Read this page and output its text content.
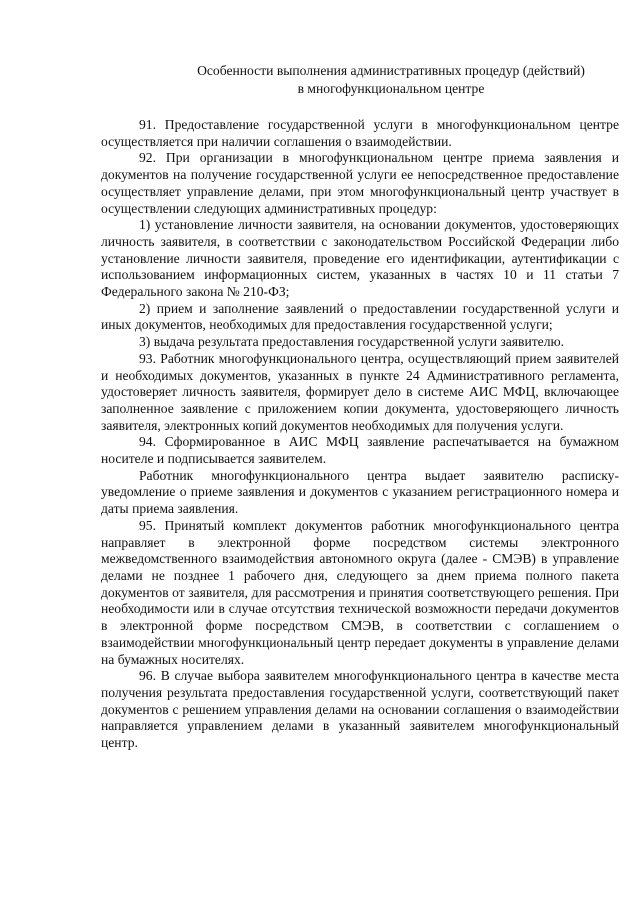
Особенности выполнения административных процедур (действий)
в многофункциональном центре

91. Предоставление государственной услуги в многофункциональном центре осуществляется при наличии соглашения о взаимодействии.

92. При организации в многофункциональном центре приема заявления и документов на получение государственной услуги ее непосредственное предоставление осуществляет управление делами, при этом многофункциональный центр участвует в осуществлении следующих административных процедур:

1) установление личности заявителя, на основании документов, удостоверяющих личность заявителя, в соответствии с законодательством Российской Федерации либо установление личности заявителя, проведение его идентификации, аутентификации с использованием информационных систем, указанных в частях 10 и 11 статьи 7 Федерального закона № 210-ФЗ;

2) прием и заполнение заявлений о предоставлении государственной услуги и иных документов, необходимых для предоставления государственной услуги;

3) выдача результата предоставления государственной услуги заявителю.

93. Работник многофункционального центра, осуществляющий прием заявителей и необходимых документов, указанных в пункте 24 Административного регламента, удостоверяет личность заявителя, формирует дело в системе АИС МФЦ, включающее заполненное заявление с приложением копии документа, удостоверяющего личность заявителя, электронных копий документов необходимых для получения услуги.

94. Сформированное в АИС МФЦ заявление распечатывается на бумажном носителе и подписывается заявителем.

Работник многофункционального центра выдает заявителю расписку-уведомление о приеме заявления и документов с указанием регистрационного номера и даты приема заявления.

95. Принятый комплект документов работник многофункционального центра направляет в электронной форме посредством системы электронного межведомственного взаимодействия автономного округа (далее - СМЭВ) в управление делами не позднее 1 рабочего дня, следующего за днем приема полного пакета документов от заявителя, для рассмотрения и принятия соответствующего решения. При необходимости или в случае отсутствия технической возможности передачи документов в электронной форме посредством СМЭВ, в соответствии с соглашением о взаимодействии многофункциональный центр передает документы в управление делами на бумажных носителях.

96. В случае выбора заявителем многофункционального центра в качестве места получения результата предоставления государственной услуги, соответствующий пакет документов с решением управления делами на основании соглашения о взаимодействии направляется управлением делами в указанный заявителем многофункциональный центр.
